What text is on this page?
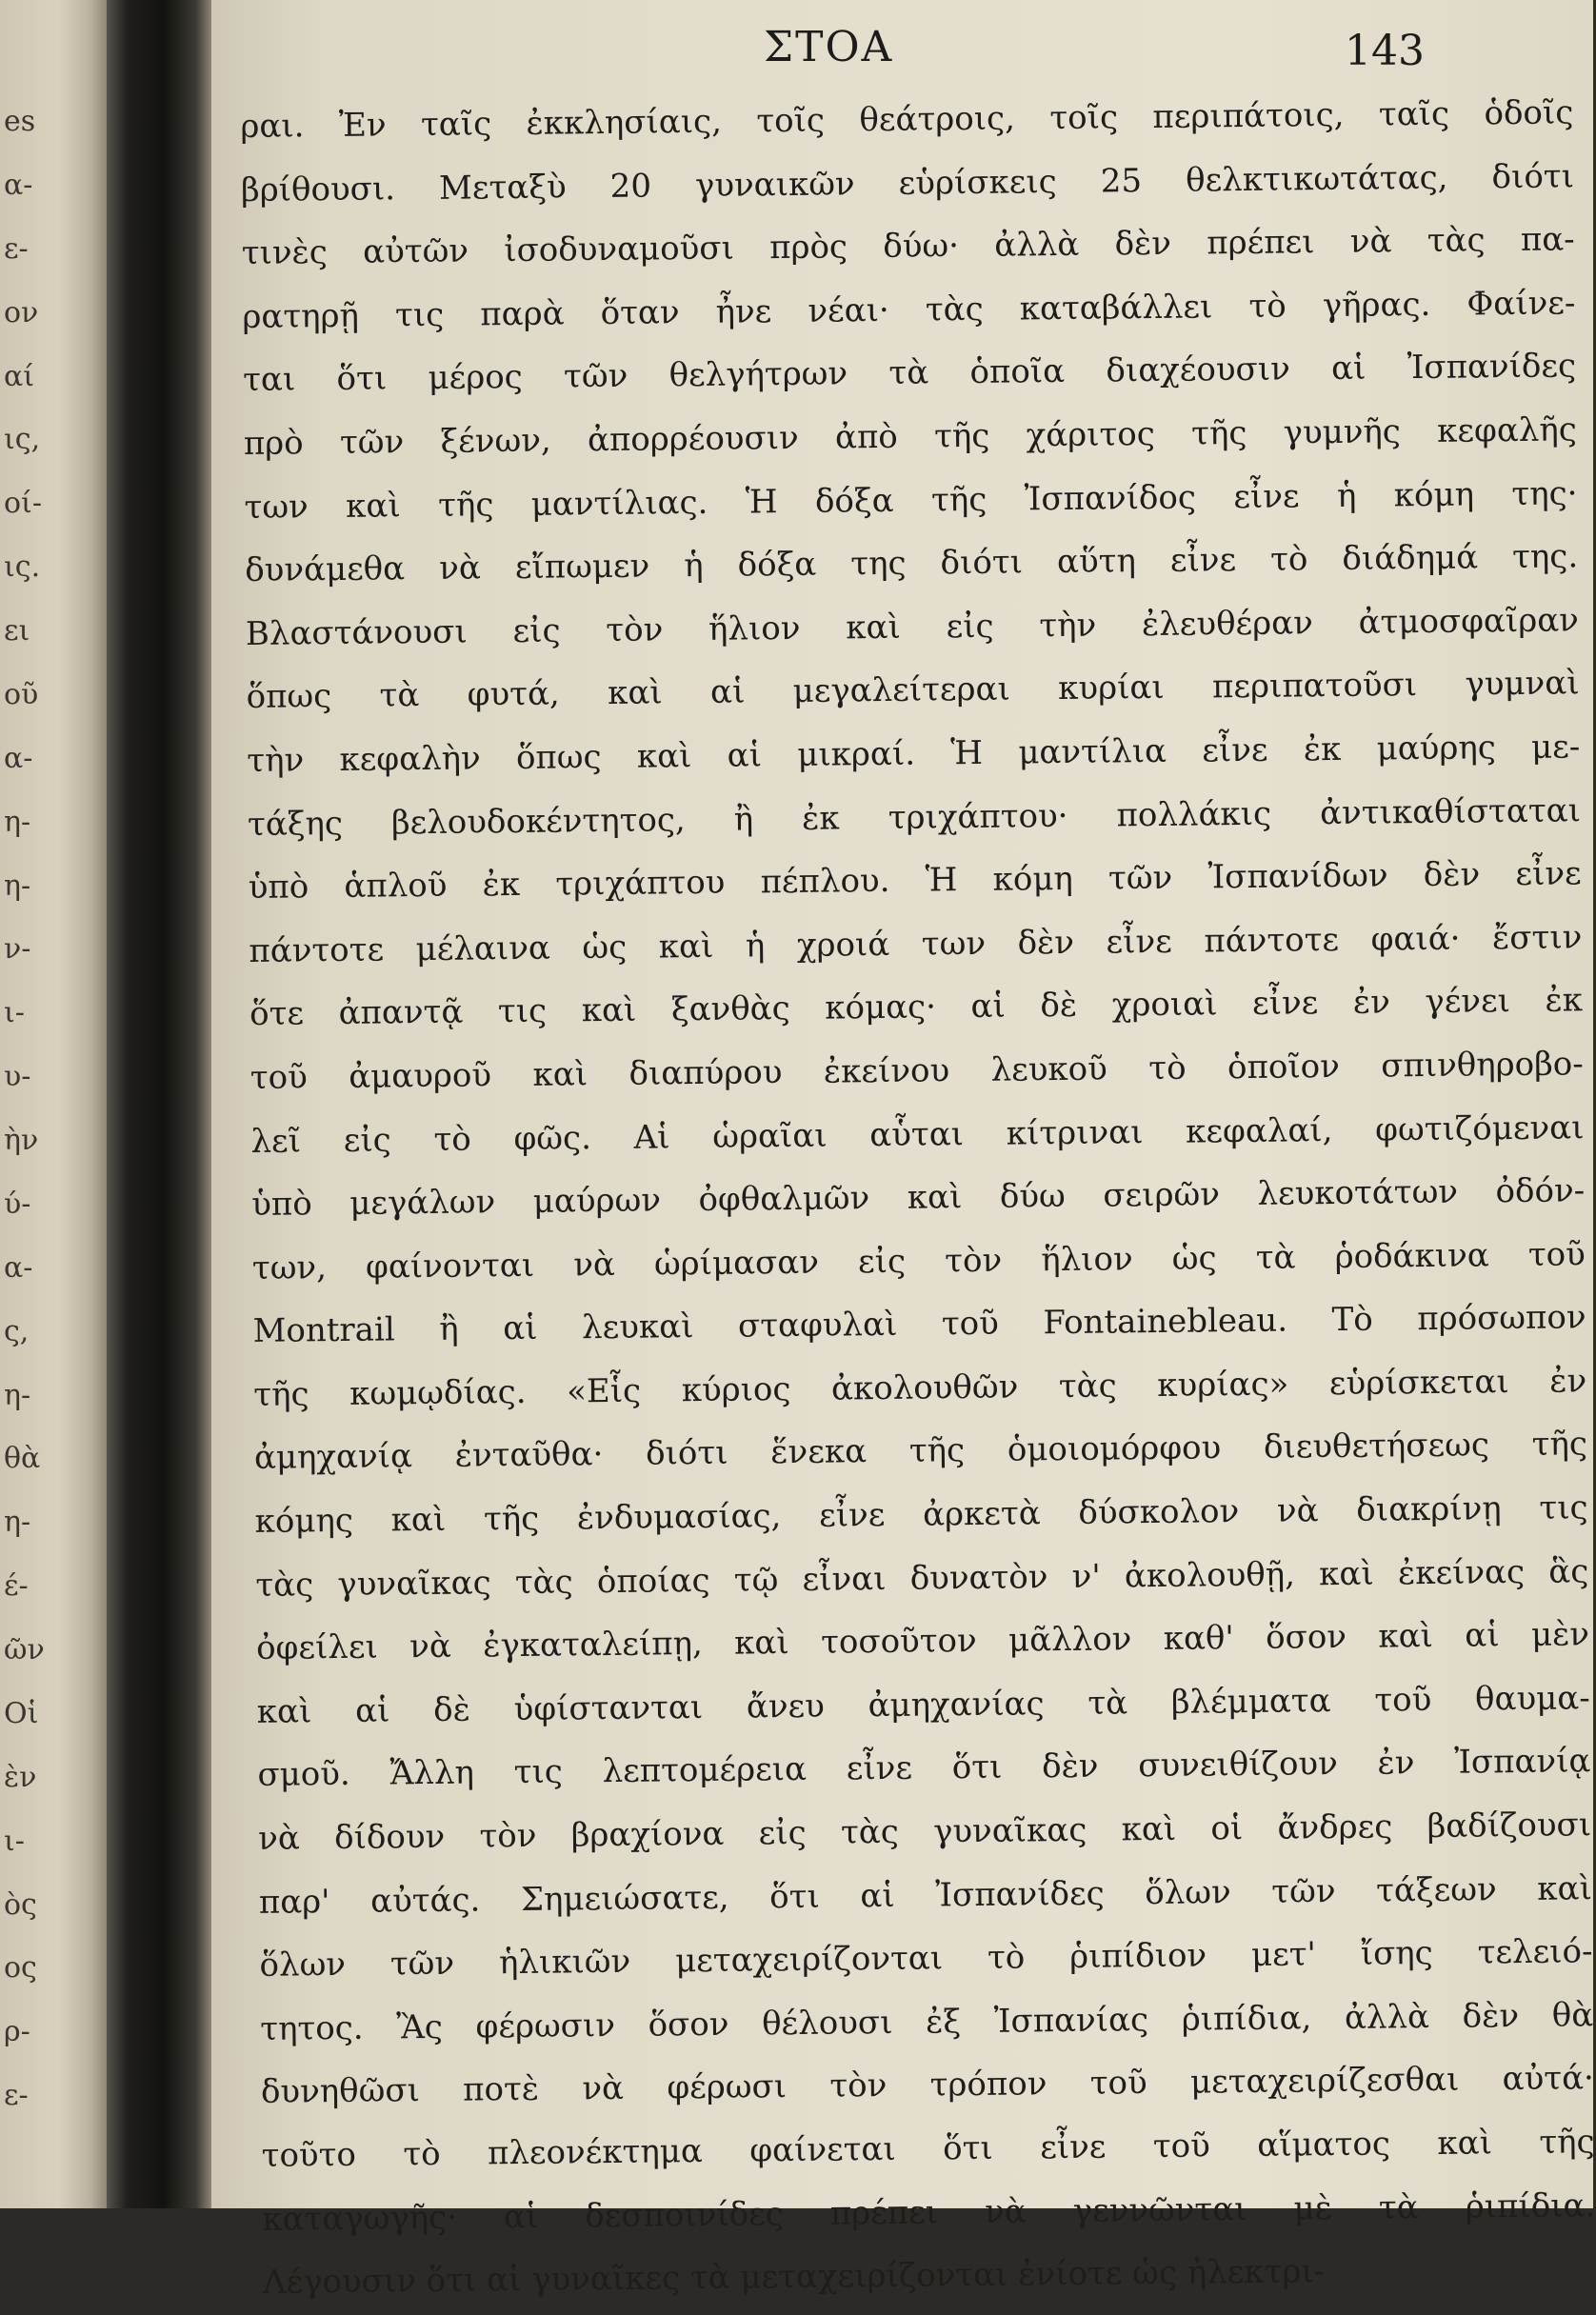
es
α-
ε-
ον
αί
ις,
οί-
ις.
ει
οῦ
α-
η-
η-
ν-
ι-
υ-
ὴν
ύ-
α-
ς,
η-
θὰ
η-
έ-
ῶν
Οἱ
ὲν
ι-
ὸς
ος
ρ-
ε-
ΣΤΟΑ	143
ραι. Ἐν ταῖς ἐκκλησίαις, τοῖς θεάτροις, τοῖς περιπάτοις, ταῖς ὁδοῖς
βρίθουσι. Μεταξὺ 20 γυναικῶν εὑρίσκεις 25 θελκτικωτάτας, διότι
τινὲς αὐτῶν ἰσοδυναμοῦσι πρὸς δύω· ἀλλὰ δὲν πρέπει νὰ τὰς πα-
ρατηρῇ τις παρὰ ὅταν ἦνε νέαι· τὰς καταβάλλει τὸ γῆρας. Φαίνε-
ται ὅτι μέρος τῶν θελγήτρων τὰ ὁποῖα διαχέουσιν αἱ Ἰσπανίδες
πρὸ τῶν ξένων, ἀπορρέουσιν ἀπὸ τῆς χάριτος τῆς γυμνῆς κεφαλῆς
των καὶ τῆς μαντίλιας. Ἡ δόξα τῆς Ἰσπανίδος εἶνε ἡ κόμη της·
δυνάμεθα νὰ εἴπωμεν ἡ δόξα της διότι αὕτη εἶνε τὸ διάδημά της.
Βλαστάνουσι εἰς τὸν ἥλιον καὶ εἰς τὴν ἐλευθέραν ἀτμοσφαῖραν
ὅπως τὰ φυτά, καὶ αἱ μεγαλείτεραι κυρίαι περιπατοῦσι γυμναὶ
τὴν κεφαλὴν ὅπως καὶ αἱ μικραί. Ἡ μαντίλια εἶνε ἐκ μαύρης με-
τάξης βελουδοκέντητος, ἢ ἐκ τριχάπτου· πολλάκις ἀντικαθίσταται
ὑπὸ ἁπλοῦ ἐκ τριχάπτου πέπλου. Ἡ κόμη τῶν Ἰσπανίδων δὲν εἶνε
πάντοτε μέλαινα ὡς καὶ ἡ χροιά των δὲν εἶνε πάντοτε φαιά· ἔστιν
ὅτε ἀπαντᾷ τις καὶ ξανθὰς κόμας· αἱ δὲ χροιαὶ εἶνε ἐν γένει ἐκ
τοῦ ἀμαυροῦ καὶ διαπύρου ἐκείνου λευκοῦ τὸ ὁποῖον σπινθηροβο-
λεῖ εἰς τὸ φῶς. Αἱ ὡραῖαι αὗται κίτριναι κεφαλαί, φωτιζόμεναι
ὑπὸ μεγάλων μαύρων ὀφθαλμῶν καὶ δύω σειρῶν λευκοτάτων ὀδόν-
των, φαίνονται νὰ ὡρίμασαν εἰς τὸν ἥλιον ὡς τὰ ῥοδάκινα τοῦ
Montrail ἢ αἱ λευκαὶ σταφυλαὶ τοῦ Fontainebleau. Τὸ πρόσωπον
τῆς κωμῳδίας. «Εἷς κύριος ἀκολουθῶν τὰς κυρίας» εὑρίσκεται ἐν
ἀμηχανίᾳ ἐνταῦθα· διότι ἕνεκα τῆς ὁμοιομόρφου διευθετήσεως τῆς
κόμης καὶ τῆς ἐνδυμασίας, εἶνε ἀρκετὰ δύσκολον νὰ διακρίνῃ τις
τὰς γυναῖκας τὰς ὁποίας τῷ εἶναι δυνατὸν ν' ἀκολουθῇ, καὶ ἐκείνας ἃς
ὀφείλει νὰ ἐγκαταλείπῃ, καὶ τοσοῦτον μᾶλλον καθ' ὅσον καὶ αἱ μὲν
καὶ αἱ δὲ ὑφίστανται ἄνευ ἀμηχανίας τὰ βλέμματα τοῦ θαυμα-
σμοῦ. Ἄλλη τις λεπτομέρεια εἶνε ὅτι δὲν συνειθίζουν ἐν Ἰσπανίᾳ
νὰ δίδουν τὸν βραχίονα εἰς τὰς γυναῖκας καὶ οἱ ἄνδρες βαδίζουσι
παρ' αὐτάς. Σημειώσατε, ὅτι αἱ Ἰσπανίδες ὅλων τῶν τάξεων καὶ
ὅλων τῶν ἡλικιῶν μεταχειρίζονται τὸ ῥιπίδιον μετ' ἴσης τελειό-
τητος. Ἂς φέρωσιν ὅσον θέλουσι ἐξ Ἰσπανίας ῥιπίδια, ἀλλὰ δὲν θὰ
δυνηθῶσι ποτὲ νὰ φέρωσι τὸν τρόπον τοῦ μεταχειρίζεσθαι αὐτά·
τοῦτο τὸ πλεονέκτημα φαίνεται ὅτι εἶνε τοῦ αἵματος καὶ τῆς
καταγωγῆς· αἱ δεσποινίδες πρέπει νὰ γεννῶνται μὲ τὰ ῥιπίδια.
Λέγουσιν ὅτι αἱ γυναῖκες τὰ μεταχειρίζονται ἐνίοτε ὡς ἠλεκτρι-
